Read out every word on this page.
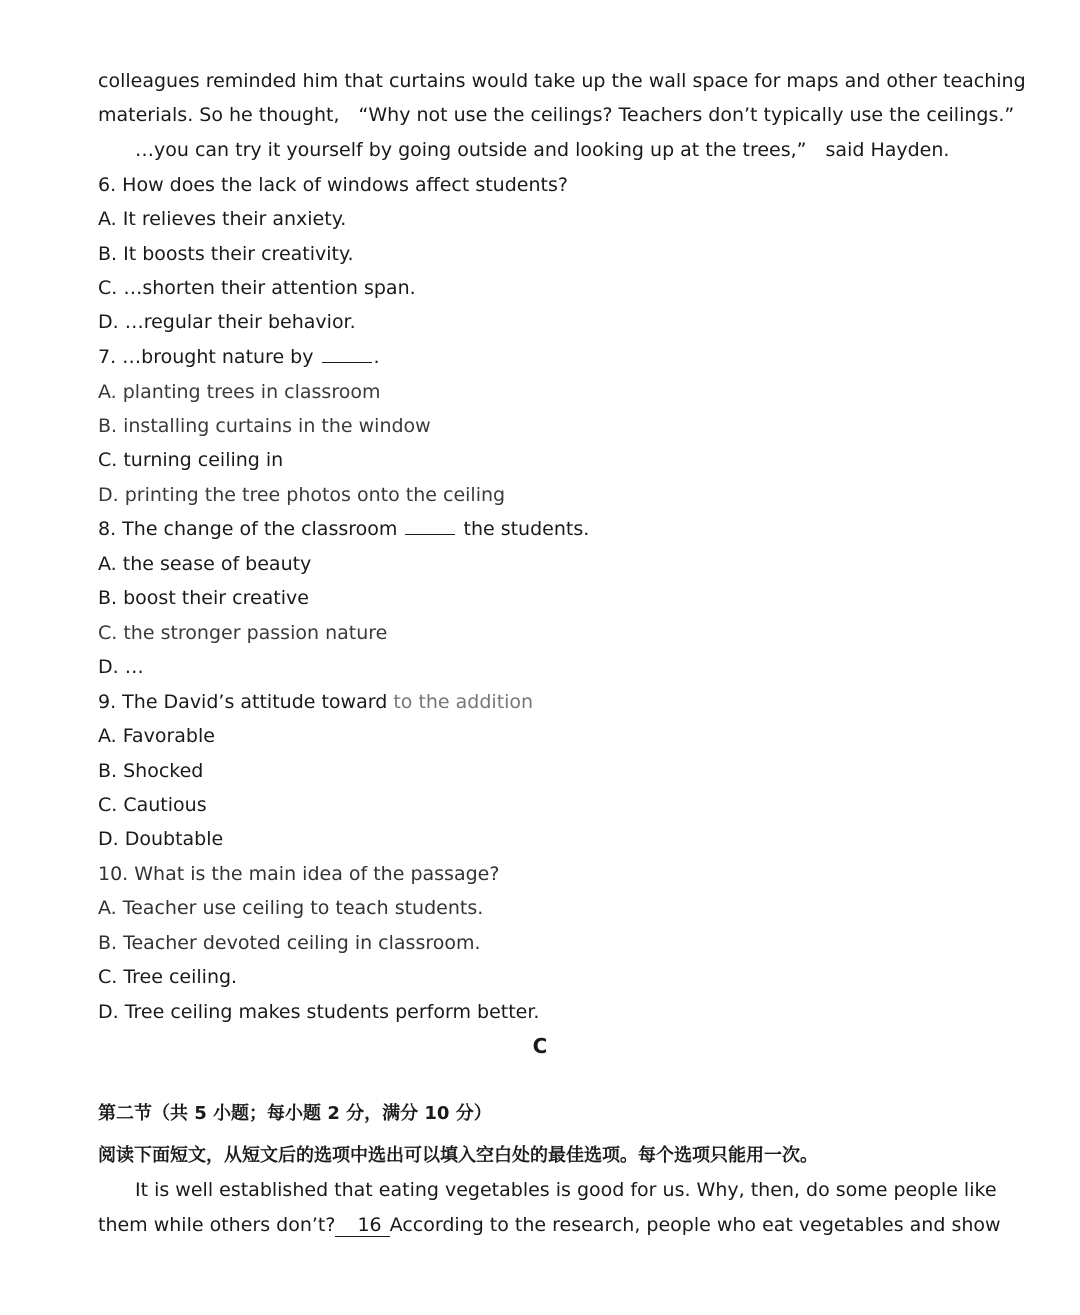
colleagues reminded him that curtains would take up the wall space for maps and other teaching
materials. So he thought,　“Why not use the ceilings? Teachers don’t typically use the ceilings.”
…you can try it yourself by going outside and looking up at the trees,”　said Hayden.
6. How does the lack of windows affect students?
A. It relieves their anxiety.
B. It boosts their creativity.
C. …shorten their attention span.
D. …regular their behavior.
7. …brought nature by	.
A. planting trees in classroom
B. installing curtains in the window
C. turning ceiling in
D. printing the tree photos onto the ceiling
8. The change of the classroom	the students.
A. the sease of beauty
B. boost their creative
C. the stronger passion nature
D. …
9. The David’s attitude toward to the addition
A. Favorable
B. Shocked
C. Cautious
D. Doubtable
10. What is the main idea of the passage?
A. Teacher use ceiling to teach students.
B. Teacher devoted ceiling in classroom.
C. Tree ceiling.
D. Tree ceiling makes students perform better.
C
第二节（共 5 小题；每小题 2 分，满分 10 分）
阅读下面短文，从短文后的选项中选出可以填入空白处的最佳选项。每个选项只能用一次。
It is well established that eating vegetables is good for us. Why, then, do some people like
them while others don’t? 16 According to the research, people who eat vegetables and show
